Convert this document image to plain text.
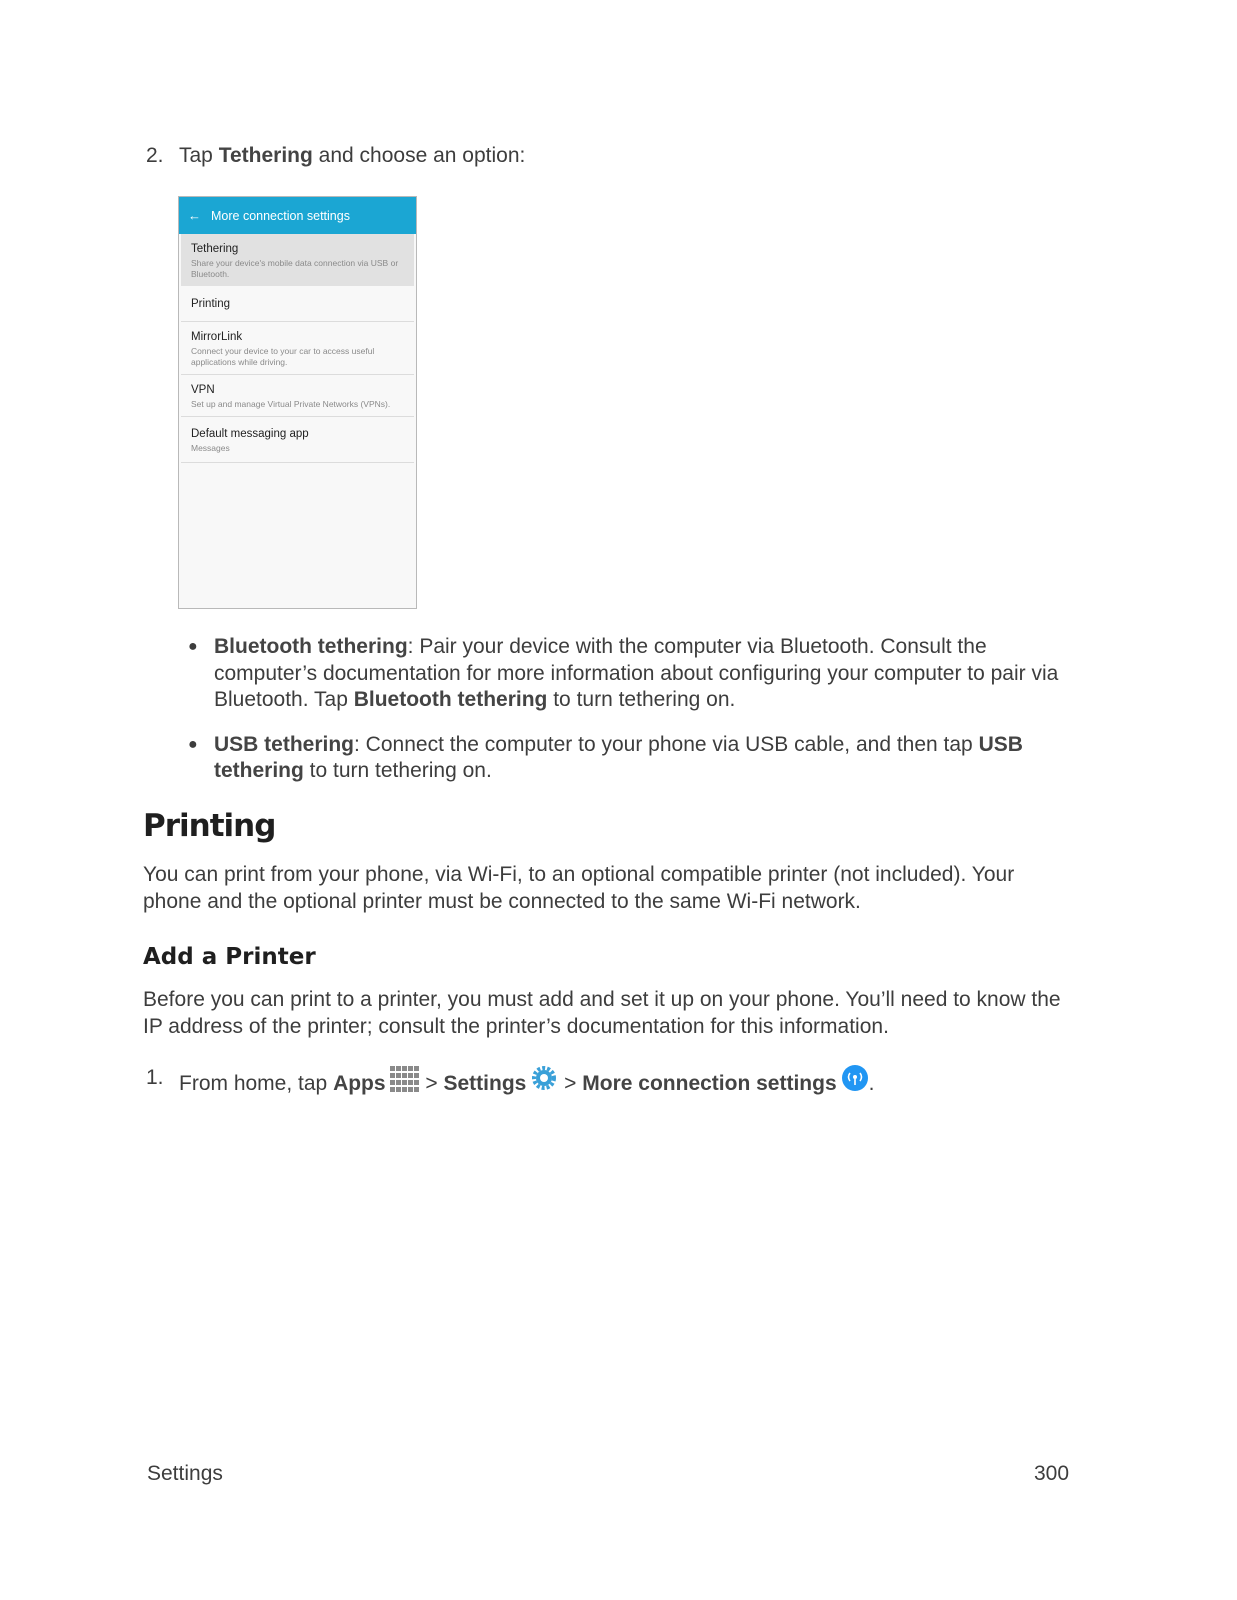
2. Tap Tethering and choose an option:
← More connection settings
Tethering
Share your device's mobile data connection via USB or Bluetooth.
Printing
MirrorLink
Connect your device to your car to access useful applications while driving.
VPN
Set up and manage Virtual Private Networks (VPNs).
Default messaging app
Messages
● Bluetooth tethering: Pair your device with the computer via Bluetooth. Consult the computer’s documentation for more information about configuring your computer to pair via Bluetooth. Tap Bluetooth tethering to turn tethering on.
● USB tethering: Connect the computer to your phone via USB cable, and then tap USB tethering to turn tethering on.
Printing
You can print from your phone, via Wi-Fi, to an optional compatible printer (not included). Your phone and the optional printer must be connected to the same Wi-Fi network.
Add a Printer
Before you can print to a printer, you must add and set it up on your phone. You’ll need to know the IP address of the printer; consult the printer’s documentation for this information.
1. From home, tap Apps > Settings > More connection settings .
Settings	300
